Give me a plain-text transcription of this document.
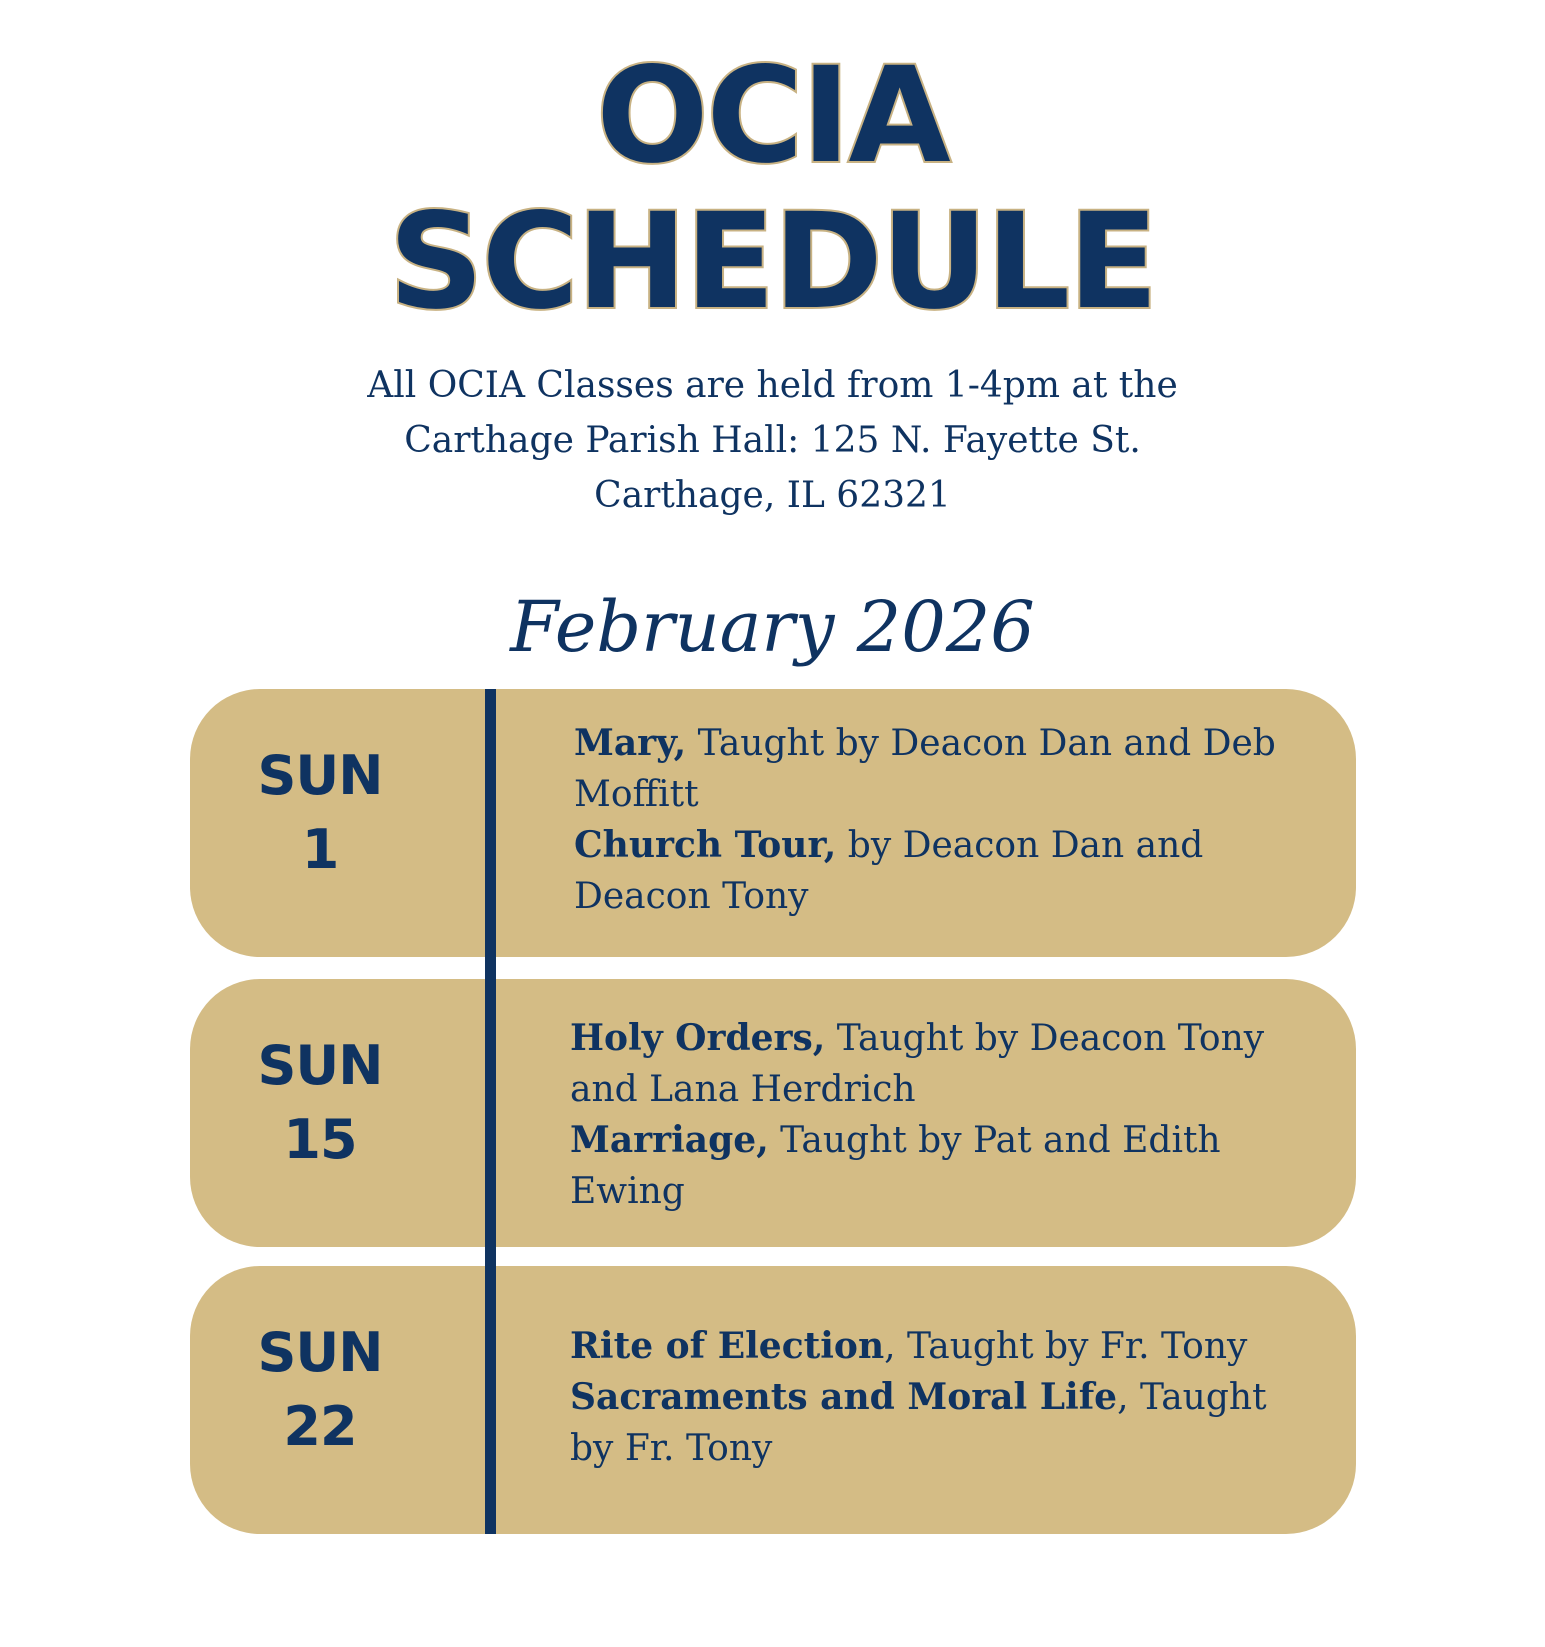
OCIA
SCHEDULE
All OCIA Classes are held from 1-4pm at the
Carthage Parish Hall: 125 N. Fayette St.
Carthage, IL 62321
February 2026
SUN
1

Mary, Taught by Deacon Dan and Deb Moffitt

Church Tour, by Deacon Dan and Deacon Tony

SUN
15

Holy Orders, Taught by Deacon Tony and Lana Herdrich

Marriage, Taught by Pat and Edith Ewing

SUN
22

Rite of Election, Taught by Fr. Tony

Sacraments and Moral Life, Taught by Fr. Tony
